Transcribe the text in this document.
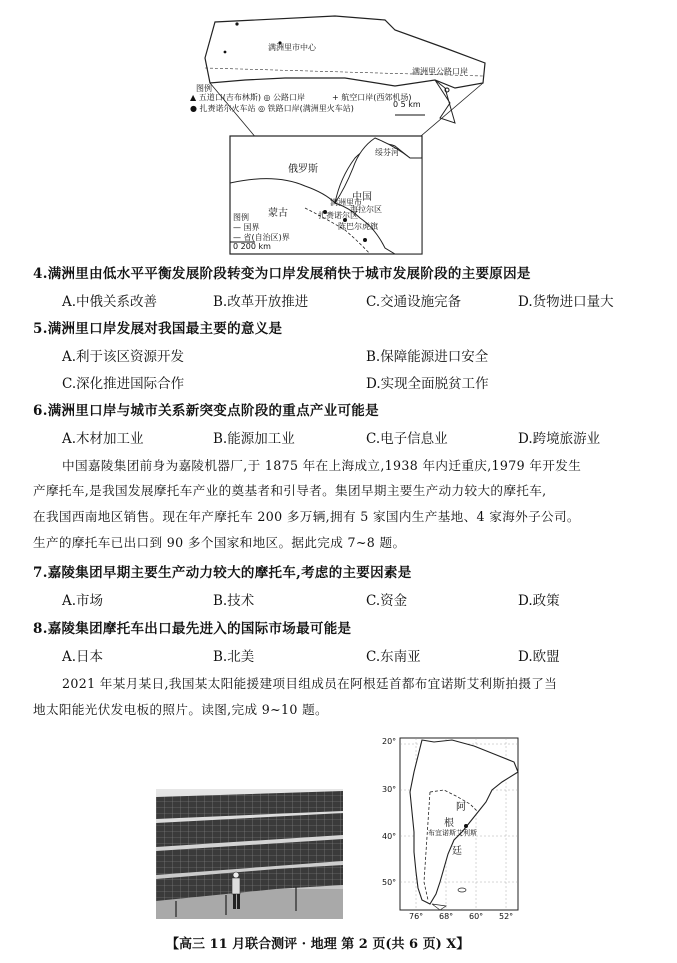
满洲里市中心
满洲里公路口岸
图例
▲ 五道口(吉布林斯) ◎ 公路口岸	+ 航空口岸(西郊机场)
● 扎赉诺尔火车站 ◎ 铁路口岸(满洲里火车站)	0 5 km
俄罗斯
蒙古
中国
满洲里市
扎赉诺尔区
陈巴尔虎旗
海拉尔区
绥芬河
图例
— 国界
— 省(自治区)界
0 200 km
4.满洲里由低水平平衡发展阶段转变为口岸发展稍快于城市发展阶段的主要原因是
A.中俄关系改善	B.改革开放推进	C.交通设施完备	D.货物进口量大
5.满洲里口岸发展对我国最主要的意义是
A.利于该区资源开发	B.保障能源进口安全
C.深化推进国际合作	D.实现全面脱贫工作
6.满洲里口岸与城市关系新突变点阶段的重点产业可能是
A.木材加工业	B.能源加工业	C.电子信息业	D.跨境旅游业
中国嘉陵集团前身为嘉陵机器厂,于 1875 年在上海成立,1938 年内迁重庆,1979 年开发生
产摩托车,是我国发展摩托车产业的奠基者和引导者。集团早期主要生产动力较大的摩托车,
在我国西南地区销售。现在年产摩托车 200 多万辆,拥有 5 家国内生产基地、4 家海外子公司。
生产的摩托车已出口到 90 多个国家和地区。据此完成 7~8 题。
7.嘉陵集团早期主要生产动力较大的摩托车,考虑的主要因素是
A.市场	B.技术	C.资金	D.政策
8.嘉陵集团摩托车出口最先进入的国际市场最可能是
A.日本	B.北美	C.东南亚	D.欧盟
2021 年某月某日,我国某太阳能援建项目组成员在阿根廷首都布宜诺斯艾利斯拍摄了当
地太阳能光伏发电板的照片。读图,完成 9~10 题。
20°
30°
40°
50°
76° 68° 60° 52°
阿
根
廷
布宜诺斯艾利斯
【高三 11 月联合测评 · 地理 第 2 页(共 6 页) X】
